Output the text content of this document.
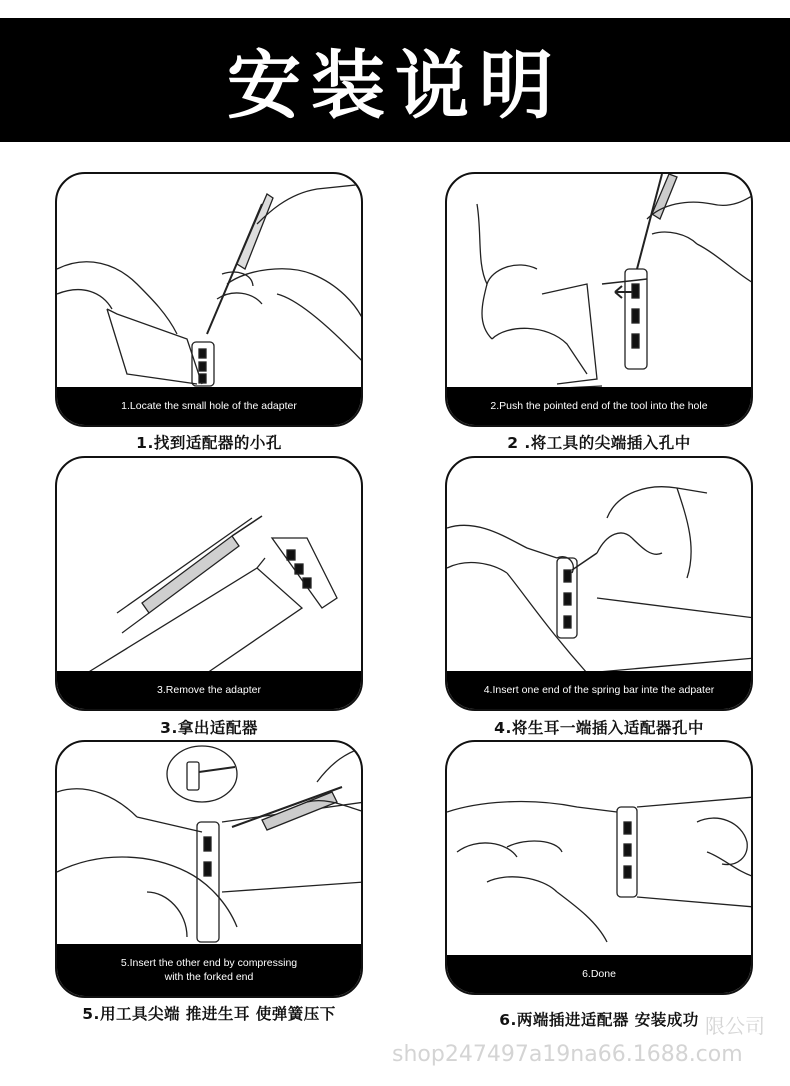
安装说明
1.Locate the small hole of the adapter
1.找到适配器的小孔
2.Push the pointed end of the tool into the hole
2 .将工具的尖端插入孔中
3.Remove the adapter
3.拿出适配器
4.Insert one end of the spring bar inte the adpater
4.将生耳一端插入适配器孔中
5.Insert the other end by compressing
with the forked end
5.用工具尖端 推进生耳 使弹簧压下
6.Done
6.两端插进适配器 安装成功 限公司
shop247497a19na66.1688.com
